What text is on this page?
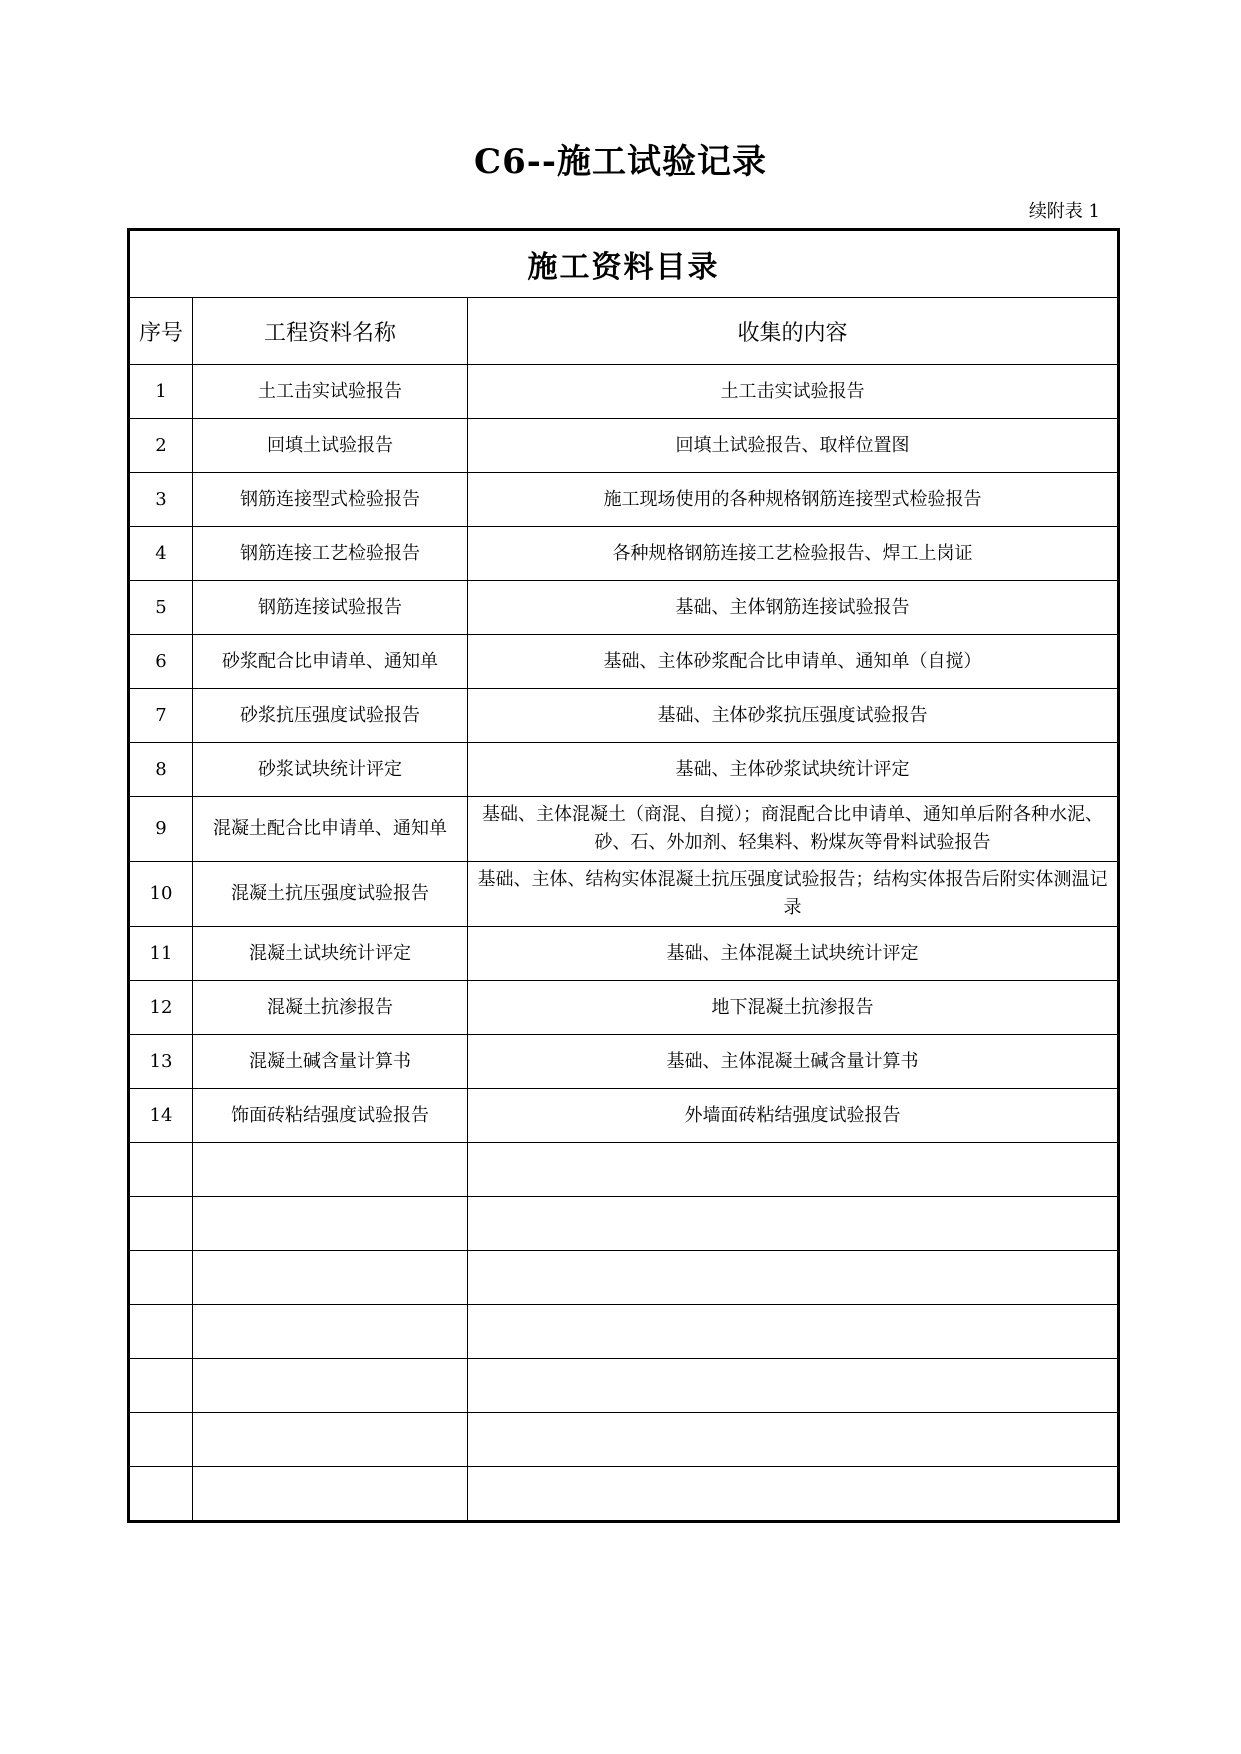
C6--施工试验记录
续附表 1
施工资料目录		
序号	工程资料名称	收集的内容
1	土工击实试验报告	土工击实试验报告
2	回填土试验报告	回填土试验报告、取样位置图
3	钢筋连接型式检验报告	施工现场使用的各种规格钢筋连接型式检验报告
4	钢筋连接工艺检验报告	各种规格钢筋连接工艺检验报告、焊工上岗证
5	钢筋连接试验报告	基础、主体钢筋连接试验报告
6	砂浆配合比申请单、通知单	基础、主体砂浆配合比申请单、通知单（自搅）
7	砂浆抗压强度试验报告	基础、主体砂浆抗压强度试验报告
8	砂浆试块统计评定	基础、主体砂浆试块统计评定
9	混凝土配合比申请单、通知单	基础、主体混凝土（商混、自搅）；商混配合比申请单、通知单后附各种水泥、砂、石、外加剂、轻集料、粉煤灰等骨料试验报告
10	混凝土抗压强度试验报告	基础、主体、结构实体混凝土抗压强度试验报告；结构实体报告后附实体测温记录
11	混凝土试块统计评定	基础、主体混凝土试块统计评定
12	混凝土抗渗报告	地下混凝土抗渗报告
13	混凝土碱含量计算书	基础、主体混凝土碱含量计算书
14	饰面砖粘结强度试验报告	外墙面砖粘结强度试验报告
